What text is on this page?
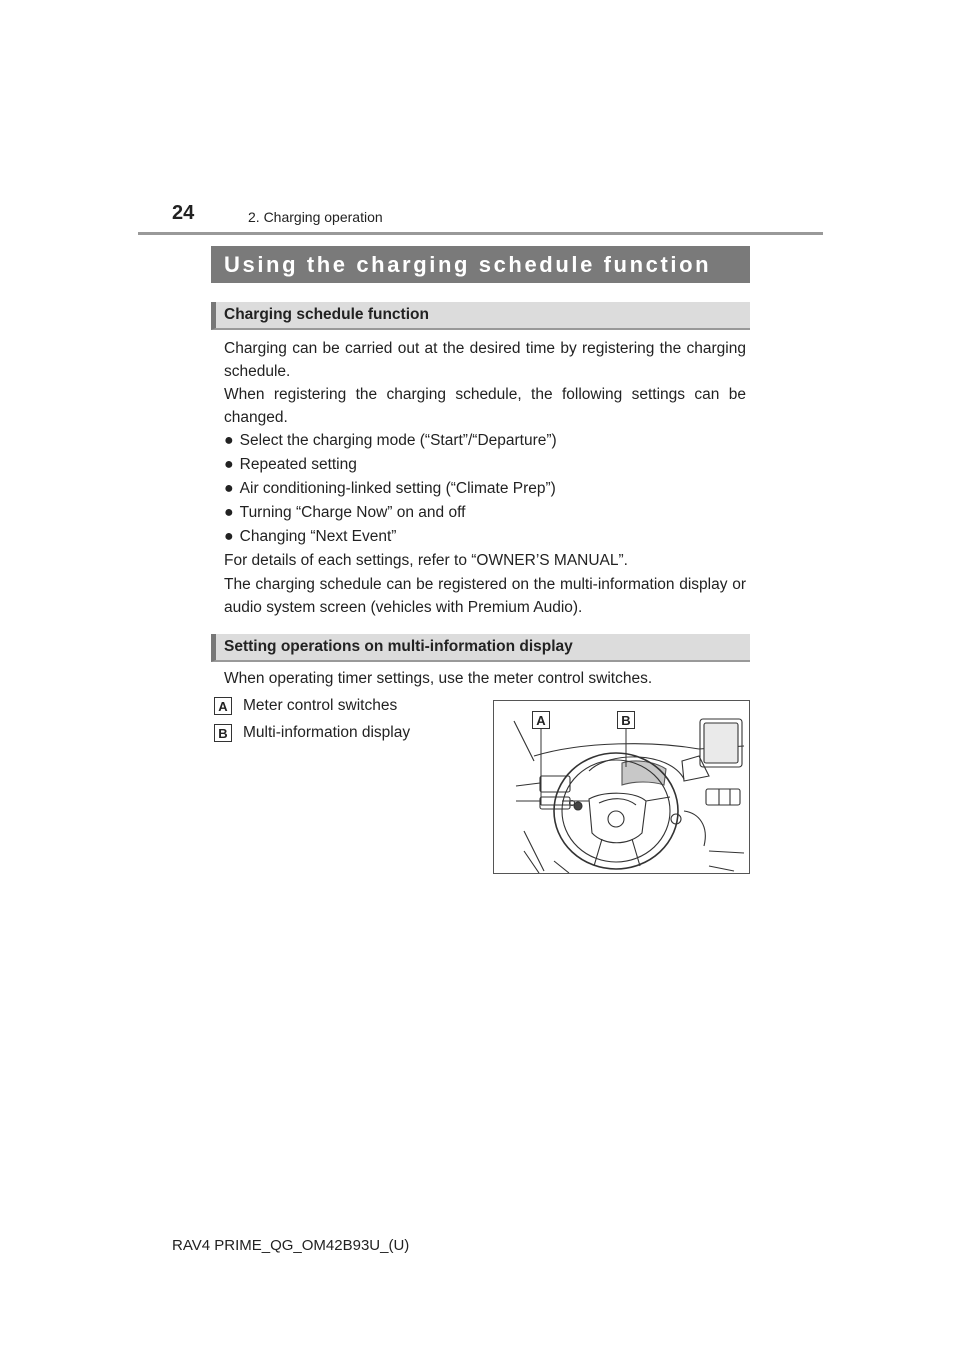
24	2. Charging operation
Using the charging schedule function
Charging schedule function
Charging can be carried out at the desired time by registering the charging schedule.
When registering the charging schedule, the following settings can be changed.
● Select the charging mode (“Start”/“Departure”)
● Repeated setting
● Air conditioning-linked setting (“Climate Prep”)
● Turning “Charge Now” on and off
● Changing “Next Event”
For details of each settings, refer to “OWNER’S MANUAL”.
The charging schedule can be registered on the multi-information display or audio system screen (vehicles with Premium Audio).
Setting operations on multi-information display
When operating timer settings, use the meter control switches.
A Meter control switches
B Multi-information display
A	B
RAV4 PRIME_QG_OM42B93U_(U)
